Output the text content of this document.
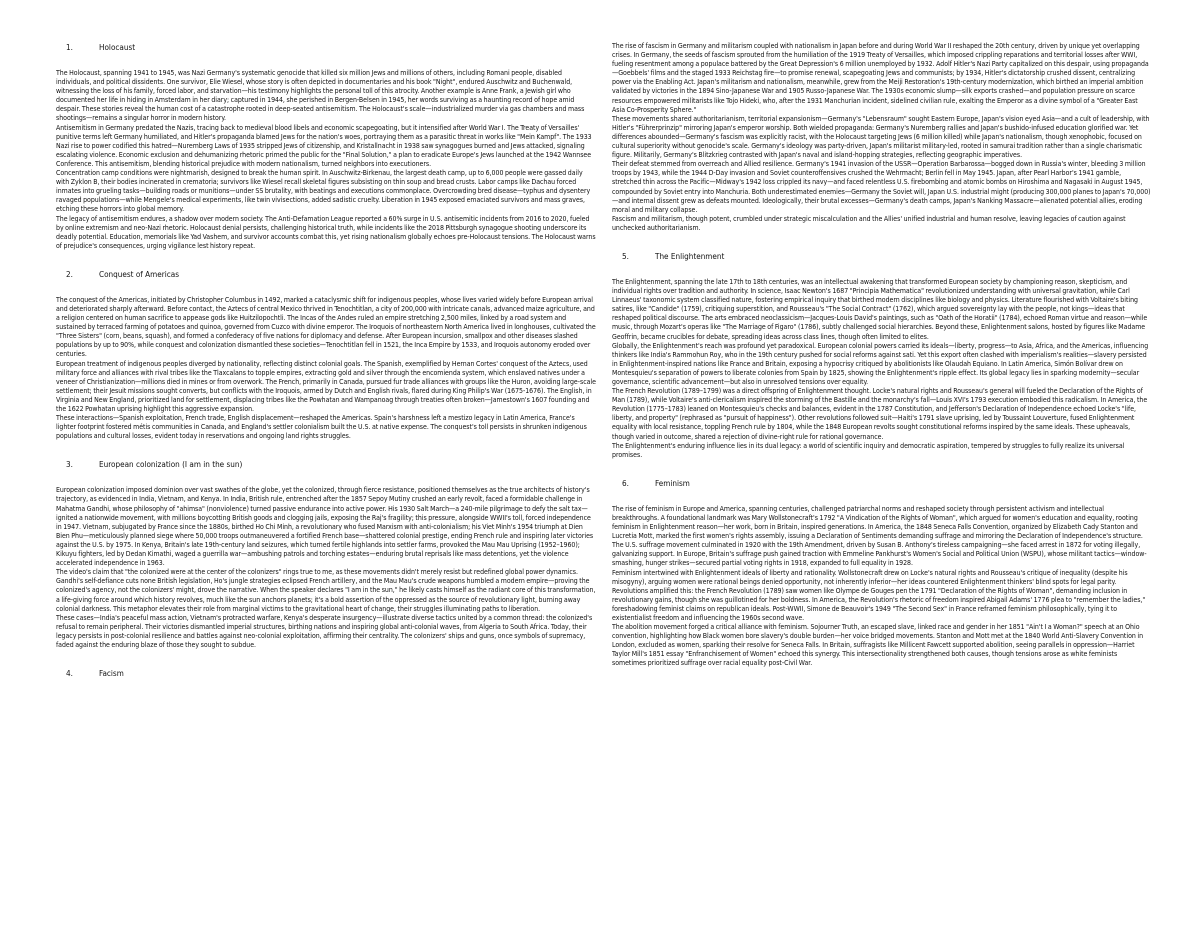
1.	Holocaust

The Holocaust, spanning 1941 to 1945, was Nazi Germany's systematic genocide that killed six million Jews and millions of others, including Romani people, disabled individuals, and political dissidents. One survivor, Elie Wiesel, whose story is often depicted in documentaries and his book "Night", endured Auschwitz and Buchenwald, witnessing the loss of his family, forced labor, and starvation—his testimony highlights the personal toll of this atrocity. Another example is Anne Frank, a Jewish girl who documented her life in hiding in Amsterdam in her diary; captured in 1944, she perished in Bergen-Belsen in 1945, her words surviving as a haunting record of hope amid despair. These stories reveal the human cost of a catastrophe rooted in deep-seated antisemitism. The Holocaust's scale—industrialized murder via gas chambers and mass shootings—remains a singular horror in modern history.

Antisemitism in Germany predated the Nazis, tracing back to medieval blood libels and economic scapegoating, but it intensified after World War I. The Treaty of Versailles' punitive terms left Germany humiliated, and Hitler's propaganda blamed Jews for the nation's woes, portraying them as a parasitic threat in works like "Mein Kampf". The 1933 Nazi rise to power codified this hatred—Nuremberg Laws of 1935 stripped Jews of citizenship, and Kristallnacht in 1938 saw synagogues burned and Jews attacked, signaling escalating violence. Economic exclusion and dehumanizing rhetoric primed the public for the "Final Solution," a plan to eradicate Europe's Jews launched at the 1942 Wannsee Conference. This antisemitism, blending historical prejudice with modern nationalism, turned neighbors into executioners.

Concentration camp conditions were nightmarish, designed to break the human spirit. In Auschwitz-Birkenau, the largest death camp, up to 6,000 people were gassed daily with Zyklon B, their bodies incinerated in crematoria; survivors like Wiesel recall skeletal figures subsisting on thin soup and bread crusts. Labor camps like Dachau forced inmates into grueling tasks—building roads or munitions—under SS brutality, with beatings and executions commonplace. Overcrowding bred disease—typhus and dysentery ravaged populations—while Mengele's medical experiments, like twin vivisections, added sadistic cruelty. Liberation in 1945 exposed emaciated survivors and mass graves, etching these horrors into global memory.

The legacy of antisemitism endures, a shadow over modern society. The Anti-Defamation League reported a 60% surge in U.S. antisemitic incidents from 2016 to 2020, fueled by online extremism and neo-Nazi rhetoric. Holocaust denial persists, challenging historical truth, while incidents like the 2018 Pittsburgh synagogue shooting underscore its deadly potential. Education, memorials like Yad Vashem, and survivor accounts combat this, yet rising nationalism globally echoes pre-Holocaust tensions. The Holocaust warns of prejudice's consequences, urging vigilance lest history repeat.

2.	Conquest of Americas

The conquest of the Americas, initiated by Christopher Columbus in 1492, marked a cataclysmic shift for indigenous peoples, whose lives varied widely before European arrival and deteriorated sharply afterward. Before contact, the Aztecs of central Mexico thrived in Tenochtitlan, a city of 200,000 with intricate canals, advanced maize agriculture, and a religion centered on human sacrifice to appease gods like Huitzilopochtli. The Incas of the Andes ruled an empire stretching 2,500 miles, linked by a road system and sustained by terraced farming of potatoes and quinoa, governed from Cuzco with divine emperor. The Iroquois of northeastern North America lived in longhouses, cultivated the "Three Sisters" (corn, beans, squash), and formed a confederacy of five nations for diplomacy and defense. After European incursion, smallpox and other diseases slashed populations by up to 90%, while conquest and colonization dismantled these societies—Tenochtitlan fell in 1521, the Inca Empire by 1533, and Iroquois autonomy eroded over centuries.

European treatment of indigenous peoples diverged by nationality, reflecting distinct colonial goals. The Spanish, exemplified by Hernan Cortes' conquest of the Aztecs, used military force and alliances with rival tribes like the Tlaxcalans to topple empires, extracting gold and silver through the encomienda system, which enslaved natives under a veneer of Christianization—millions died in mines or from overwork. The French, primarily in Canada, pursued fur trade alliances with groups like the Huron, avoiding large-scale settlement; their Jesuit missions sought converts, but conflicts with the Iroquois, armed by Dutch and English rivals, flared during King Philip's War (1675-1676). The English, in Virginia and New England, prioritized land for settlement, displacing tribes like the Powhatan and Wampanoag through treaties often broken—Jamestown's 1607 founding and the 1622 Powhatan uprising highlight this aggressive expansion.

These interactions—Spanish exploitation, French trade, English displacement—reshaped the Americas. Spain's harshness left a mestizo legacy in Latin America, France's lighter footprint fostered métis communities in Canada, and England's settler colonialism built the U.S. at native expense. The conquest's toll persists in shrunken indigenous populations and cultural losses, evident today in reservations and ongoing land rights struggles.

3.	European colonization (I am in the sun)

European colonization imposed dominion over vast swathes of the globe, yet the colonized, through fierce resistance, positioned themselves as the true architects of history's trajectory, as evidenced in India, Vietnam, and Kenya. In India, British rule, entrenched after the 1857 Sepoy Mutiny crushed an early revolt, faced a formidable challenge in Mahatma Gandhi, whose philosophy of "ahimsa" (nonviolence) turned passive endurance into active power. His 1930 Salt March—a 240-mile pilgrimage to defy the salt tax—ignited a nationwide movement, with millions boycotting British goods and clogging jails, exposing the Raj's fragility; this pressure, alongside WWII's toll, forced independence in 1947. Vietnam, subjugated by France since the 1880s, birthed Ho Chi Minh, a revolutionary who fused Marxism with anti-colonialism; his Viet Minh's 1954 triumph at Dien Bien Phu—meticulously planned siege where 50,000 troops outmaneuvered a fortified French base—shattered colonial prestige, ending French rule and inspiring later victories against the U.S. by 1975. In Kenya, Britain's late 19th-century land seizures, which turned fertile highlands into settler farms, provoked the Mau Mau Uprising (1952–1960); Kikuyu fighters, led by Dedan Kimathi, waged a guerrilla war—ambushing patrols and torching estates—enduring brutal reprisals like mass detentions, yet the violence accelerated independence in 1963.

The video's claim that "the colonized were at the center of the colonizers" rings true to me, as these movements didn't merely resist but redefined global power dynamics. Gandhi's self-defiance cuts none British legislation, Ho's jungle strategies eclipsed French artillery, and the Mau Mau's crude weapons humbled a modern empire—proving the colonized's agency, not the colonizers' might, drove the narrative. When the speaker declares "I am in the sun," he likely casts himself as the radiant core of this transformation, a life-giving force around which history revolves, much like the sun anchors planets; it's a bold assertion of the oppressed as the source of revolutionary light, burning away colonial darkness. This metaphor elevates their role from marginal victims to the gravitational heart of change, their struggles illuminating paths to liberation.

These cases—India's peaceful mass action, Vietnam's protracted warfare, Kenya's desperate insurgency—illustrate diverse tactics united by a common thread: the colonized's refusal to remain peripheral. Their victories dismantled imperial structures, birthing nations and inspiring global anti-colonial waves, from Algeria to South Africa. Today, their legacy persists in post-colonial resilience and battles against neo-colonial exploitation, affirming their centrality. The colonizers' ships and guns, once symbols of supremacy, faded against the enduring blaze of those they sought to subdue.

4.	Facism

The rise of fascism in Germany and militarism coupled with nationalism in Japan before and during World War II reshaped the 20th century, driven by unique yet overlapping crises. In Germany, the seeds of fascism sprouted from the humiliation of the 1919 Treaty of Versailles, which imposed crippling reparations and territorial losses after WWI, fueling resentment among a populace battered by the Great Depression's 6 million unemployed by 1932. Adolf Hitler's Nazi Party capitalized on this despair, using propaganda—Goebbels' films and the staged 1933 Reichstag fire—to promise renewal, scapegoating Jews and communists; by 1934, Hitler's dictatorship crushed dissent, centralizing power via the Enabling Act. Japan's militarism and nationalism, meanwhile, grew from the Meiji Restoration's 19th-century modernization, which birthed an imperial ambition validated by victories in the 1894 Sino-Japanese War and 1905 Russo-Japanese War. The 1930s economic slump—silk exports crashed—and population pressure on scarce resources empowered militarists like Tojo Hideki, who, after the 1931 Manchurian incident, sidelined civilian rule, exalting the Emperor as a divine symbol of a "Greater East Asia Co-Prosperity Sphere."

These movements shared authoritarianism, territorial expansionism—Germany's "Lebensraum" sought Eastern Europe, Japan's vision eyed Asia—and a cult of leadership, with Hitler's "Führerprinzip" mirroring Japan's emperor worship. Both wielded propaganda: Germany's Nuremberg rallies and Japan's bushido-infused education glorified war. Yet differences abounded—Germany's fascism was explicitly racist, with the Holocaust targeting Jews (6 million killed) while Japan's nationalism, though xenophobic, focused on cultural superiority without genocide's scale. Germany's ideology was party-driven, Japan's militarist military-led, rooted in samurai tradition rather than a single charismatic figure. Militarily, Germany's Blitzkrieg contrasted with Japan's naval and island-hopping strategies, reflecting geographic imperatives.

Their defeat stemmed from overreach and Allied resilience. Germany's 1941 invasion of the USSR—Operation Barbarossa—bogged down in Russia's winter, bleeding 3 million troops by 1943, while the 1944 D-Day invasion and Soviet counteroffensives crushed the Wehrmacht; Berlin fell in May 1945. Japan, after Pearl Harbor's 1941 gamble, stretched thin across the Pacific—Midway's 1942 loss crippled its navy—and faced relentless U.S. firebombing and atomic bombs on Hiroshima and Nagasaki in August 1945, compounded by Soviet entry into Manchuria. Both underestimated enemies—Germany the Soviet will, Japan U.S. industrial might (producing 300,000 planes to Japan's 70,000)—and internal dissent grew as defeats mounted. Ideologically, their brutal excesses—Germany's death camps, Japan's Nanking Massacre—alienated potential allies, eroding moral and military collapse.

Fascism and militarism, though potent, crumbled under strategic miscalculation and the Allies' unified industrial and human resolve, leaving legacies of caution against unchecked authoritarianism.

5.	The Enlightenment

The Enlightenment, spanning the late 17th to 18th centuries, was an intellectual awakening that transformed European society by championing reason, skepticism, and individual rights over tradition and authority. In science, Isaac Newton's 1687 "Principia Mathematica" revolutionized understanding with universal gravitation, while Carl Linnaeus' taxonomic system classified nature, fostering empirical inquiry that birthed modern disciplines like biology and physics. Literature flourished with Voltaire's biting satires, like "Candide" (1759), critiquing superstition, and Rousseau's "The Social Contract" (1762), which argued sovereignty lay with the people, not kings—ideas that reshaped political discourse. The arts embraced neoclassicism—Jacques-Louis David's paintings, such as "Oath of the Horatii" (1784), echoed Roman virtue and reason—while music, through Mozart's operas like "The Marriage of Figaro" (1786), subtly challenged social hierarchies. Beyond these, Enlightenment salons, hosted by figures like Madame Geoffrin, became crucibles for debate, spreading ideas across class lines, though often limited to elites.

Globally, the Enlightenment's reach was profound yet paradoxical. European colonial powers carried its ideals—liberty, progress—to Asia, Africa, and the Americas, influencing thinkers like India's Rammohun Roy, who in the 19th century pushed for social reforms against sati. Yet this export often clashed with imperialism's realities—slavery persisted in Enlightenment-inspired nations like France and Britain, exposing a hypocrisy critiqued by abolitionists like Olaudah Equiano. In Latin America, Simón Bolívar drew on Montesquieu's separation of powers to liberate colonies from Spain by 1825, showing the Enlightenment's ripple effect. Its global legacy lies in sparking modernity—secular governance, scientific advancement—but also in unresolved tensions over equality.

The French Revolution (1789–1799) was a direct offspring of Enlightenment thought. Locke's natural rights and Rousseau's general will fueled the Declaration of the Rights of Man (1789), while Voltaire's anti-clericalism inspired the storming of the Bastille and the monarchy's fall—Louis XVI's 1793 execution embodied this radicalism. In America, the Revolution (1775–1783) leaned on Montesquieu's checks and balances, evident in the 1787 Constitution, and Jefferson's Declaration of Independence echoed Locke's "life, liberty, and property" (rephrased as "pursuit of happiness"). Other revolutions followed suit—Haiti's 1791 slave uprising, led by Toussaint Louverture, fused Enlightenment equality with local resistance, toppling French rule by 1804, while the 1848 European revolts sought constitutional reforms inspired by the same ideals. These upheavals, though varied in outcome, shared a rejection of divine-right rule for rational governance.

The Enlightenment's enduring influence lies in its dual legacy: a world of scientific inquiry and democratic aspiration, tempered by struggles to fully realize its universal promises.

6.	Feminism

The rise of feminism in Europe and America, spanning centuries, challenged patriarchal norms and reshaped society through persistent activism and intellectual breakthroughs. A foundational landmark was Mary Wollstonecraft's 1792 "A Vindication of the Rights of Woman", which argued for women's education and equality, rooting feminism in Enlightenment reason—her work, born in Britain, inspired generations. In America, the 1848 Seneca Falls Convention, organized by Elizabeth Cady Stanton and Lucretia Mott, marked the first women's rights assembly, issuing a Declaration of Sentiments demanding suffrage and mirroring the Declaration of Independence's structure. The U.S. suffrage movement culminated in 1920 with the 19th Amendment, driven by Susan B. Anthony's tireless campaigning—she faced arrest in 1872 for voting illegally, galvanizing support. In Europe, Britain's suffrage push gained traction with Emmeline Pankhurst's Women's Social and Political Union (WSPU), whose militant tactics—window-smashing, hunger strikes—secured partial voting rights in 1918, expanded to full equality in 1928.

Feminism intertwined with Enlightenment ideals of liberty and rationality. Wollstonecraft drew on Locke's natural rights and Rousseau's critique of inequality (despite his misogyny), arguing women were rational beings denied opportunity, not inherently inferior—her ideas countered Enlightenment thinkers' blind spots for legal parity. Revolutions amplified this: the French Revolution (1789) saw women like Olympe de Gouges pen the 1791 "Declaration of the Rights of Woman", demanding inclusion in revolutionary gains, though she was guillotined for her boldness. In America, the Revolution's rhetoric of freedom inspired Abigail Adams' 1776 plea to "remember the ladies," foreshadowing feminist claims on republican ideals. Post-WWII, Simone de Beauvoir's 1949 "The Second Sex" in France reframed feminism philosophically, tying it to existentialist freedom and influencing the 1960s second wave.

The abolition movement forged a critical alliance with feminism. Sojourner Truth, an escaped slave, linked race and gender in her 1851 "Ain't I a Woman?" speech at an Ohio convention, highlighting how Black women bore slavery's double burden—her voice bridged movements. Stanton and Mott met at the 1840 World Anti-Slavery Convention in London, excluded as women, sparking their resolve for Seneca Falls. In Britain, suffragists like Millicent Fawcett supported abolition, seeing parallels in oppression—Harriet Taylor Mill's 1851 essay "Enfranchisement of Women" echoed this synergy. This intersectionality strengthened both causes, though tensions arose as white feminists sometimes prioritized suffrage over racial equality post-Civil War.
